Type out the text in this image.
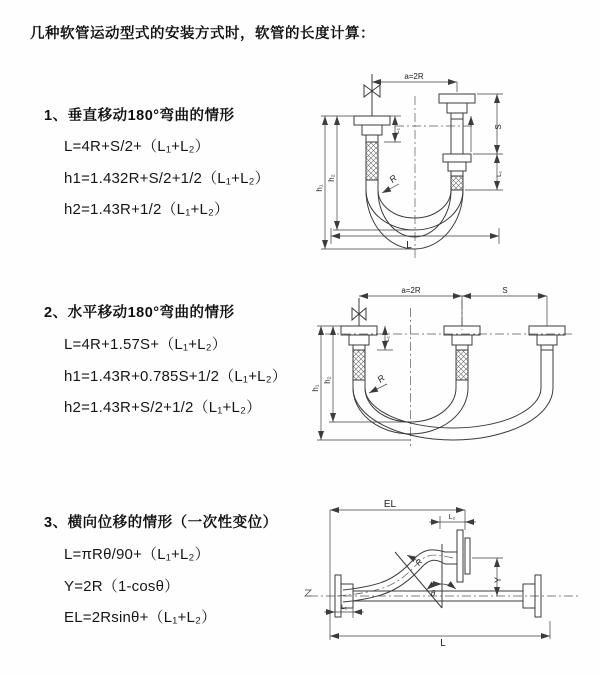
几种软管运动型式的安装方式时，软管的长度计算：
1、垂直移动180°弯曲的情形
L=4R+S/2+（L₁+L₂）
h1=1.432R+S/2+1/2（L₁+L₂）
h2=1.43R+1/2（L₁+L₂）
2、水平移动180°弯曲的情形
L=4R+1.57S+（L₁+L₂）
h1=1.43R+0.785S+1/2（L₁+L₂）
h2=1.43R+S/2+1/2（L₁+L₂）
3、横向位移的情形（一次性变位）
L=πRθ/90+（L₁+L₂）
Y=2R（1-cosθ）
EL=2Rsinθ+（L₁+L₂）
a=2R
h₁
h₂
L₁
R
S
L₁
L
a=2R	S
h₁
h₂
L₁
R
EL
L₂
Y
θ
R
L
L₁
